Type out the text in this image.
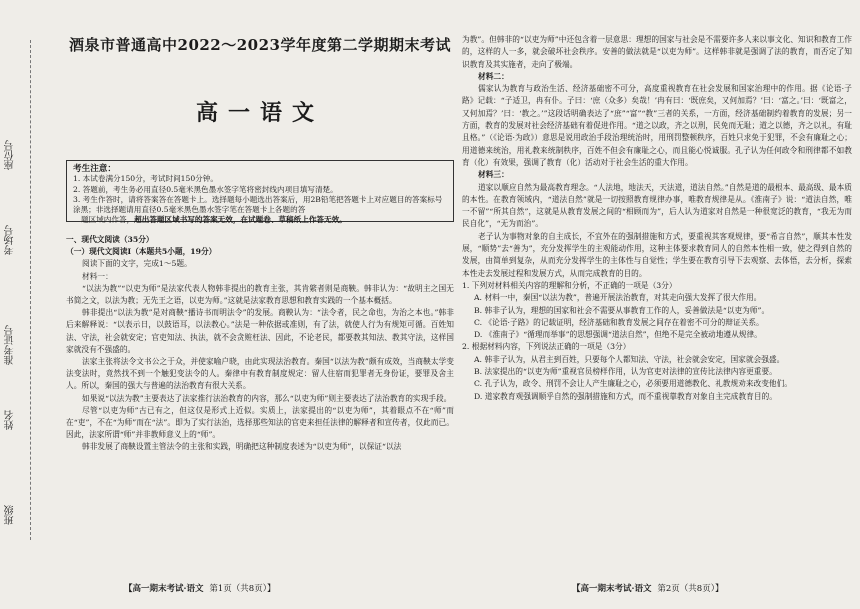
座位号
考场号
准考证号
姓名
班级
酒泉市普通高中2022～2023学年度第二学期期末考试
高一语文
考生注意：
1. 本试卷满分150分，考试时间150分钟。
2. 答题前，考生务必用直径0.5毫米黑色墨水签字笔将密封线内项目填写清楚。
3. 考生作答时，请将答案答在答题卡上。选择题每小题选出答案后，用2B铅笔把答题卡上对应题目的答案标号涂黑；非选择题请用直径0.5毫米黑色墨水签字笔在答题卡上各题的答
题区域内作答，超出答题区域书写的答案无效，在试题卷、草稿纸上作答无效。

一、现代文阅读（35分）

（一）现代文阅读Ⅰ（本题共5小题，19分）

阅读下面的文字，完成1～5题。

材料一：

“以法为教”“以吏为师”是法家代表人物韩非提出的教育主张，其肯綮者则是商鞅。韩非认为：“故明主之国无书简之文，以法为教；无先王之语，以吏为师。”这就是法家教育思想和教育实践的一个基本概括。

韩非提出“以法为教”是对商鞅“播诗书而明法令”的发展。商鞅认为：“法令者，民之命也，为治之本也。”韩非后来解释说：“以表示日，以鼓语耳，以法教心。”法是一种依据或准则，有了法，就使人行为有规矩可循。百姓知法、守法，社会就安定；官吏知法、执法，就不会贪赃枉法、因此，不论老民，都要教其知法、教其守法，这样国家就没有不强盛的。

法家主张将法令文书公之于众，并使家喻户晓，由此实现法治教育。秦国“以法为教”颇有成效，当商鞅太学变法变法时，竟然找不到一个触犯变法令的人。秦律中有教育制度规定：留人住宿而犯罪者无身份证，要罪及舍主人。所以，秦国的强大与普遍的法治教育有很大关系。

如果说“以法为教”主要表达了法家推行法治教育的内容，那么“以吏为师”则主要表达了法治教育的实现手段。

尽管“以吏为师”古已有之，但这仅是形式上近似。实质上，法家提出的“以吏为师”，其着眼点不在“师”而在“吏”，不在“为师”而在“法”。即为了实行法治，选择那些知法的官吏来担任法律的解释者和宣传者，仅此而已。因此，法家所谓“师”并非教师意义上的“师”。

韩非发展了商鞅设置主管法令的主张和实践，明确把这种制度表述为“以吏为师”，以保证“以法

【高一期末考试·语文 第1页（共8页）】

为教”。但韩非的“以吏为师”中还包含着一层意思：理想的国家与社会是不需要许多人来以事文化、知识和教育工作的，这样的人一多，就会破坏社会秩序。安善的做法就是“以吏为师”。这样韩非就是强调了法的教育，而否定了知识教育及其实施者，走向了极端。

材料二：

儒家认为教育与政治生活、经济基础密不可分，高度重视教育在社会发展和国家治理中的作用。据《论语·子路》记载：“子适卫，冉有仆。子曰：‘庶（众多）矣哉！’冉有曰：‘既庶矣，又何加焉？’曰：‘富之。’曰：‘既富之，又何加焉？’曰：‘教之。’”这段话明确表达了“庶”“富”“教”三者的关系，一方面，经济基础制约着教育的发展；另一方面，教育的发展对社会经济基础有着促进作用。“道之以政，齐之以刑，民免而无耻；道之以德，齐之以礼，有耻且格。”（《论语·为政》）意思是说用政治手段治理统治时，用刑罚整顿秩序，百姓只求免于犯罪，不会有廉耻之心；用道德来统治，用礼教来统制秩序，百姓不但会有廉耻之心，而且能心悦诚服。孔子认为任何政令和刑律都不如教育（化）有效果，强调了教育（化）活动对于社会生活的重大作用。

材料三：

道家以顺应自然为最高教育理念。“人法地，地法天，天法道，道法自然。”自然是道的最根本、最高级、最本质的本性。在教育领域内，“道法自然”就是一切按照教育规律办事，唯教育规律是从。《淮南子》说：“道法自然，唯一不留”“所其自然”，这就是从教育发展之间的“相顾而为”，后人认为道家对自然是一种很宽泛的教育，“我无为而民自化”，“无为而治”。

老子认为事物对象的自主成长，不宜外在的强制措施和方式，要重视其客观规律，要“希言自然”，顺其本性发展，“顺势”去“善为”，充分发挥学生的主观能动作用，这种主体要求教育同人的自然本性相一致，使之得到自然的发展，由简单到复杂，从而充分发挥学生的主体性与自觉性；学生要在教育引导下去观察、去体悟，去分析，探索本性走去发展过程和发展方式，从而完成教育的目的。

1. 下列对材料相关内容的理解和分析，不正确的一项是（3分）

A. 材料一中，秦国“以法为教”，普遍开展法治教育，对其走向强大发挥了很大作用。

B. 韩非子认为，理想的国家和社会不需要从事教育工作的人，妥善做法是“以吏为师”。

C. 《论语·子路》的记载证明，经济基础和教育发展之间存在着密不可分的辩证关系。

D. 《淮南子》“循理而举事”的思想强调“道法自然”，但绝不是完全被动地遵从规律。

2. 根据材料内容，下列说法正确的一项是（3分）

A. 韩非子认为，从君主到百姓，只要每个人都知法、守法，社会就会安定，国家就会强盛。

B. 法家提出的“以吏为师”重视官员榜样作用，认为官吏对法律的宣传比法律内容更重要。

C. 孔子认为，政令、刑罚不会让人产生廉耻之心，必须要用道德教化、礼教规劝来改变他们。

D. 道家教育观强调顺乎自然的强制措施和方式，而不重视靠教育对象自主完成教育目的。

【高一期末考试·语文 第2页（共8页）】
